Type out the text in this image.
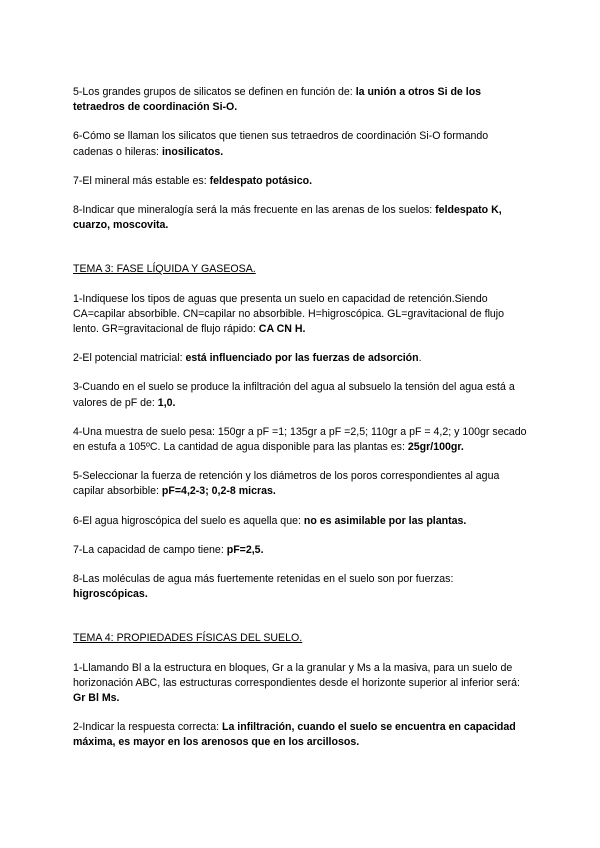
5-Los grandes grupos de silicatos se definen en función de: la unión a otros Si de los tetraedros de coordinación Si-O.

6-Cómo se llaman los silicatos que tienen sus tetraedros de coordinación Si-O formando cadenas o hileras: inosilicatos.

7-El mineral más estable es: feldespato potásico.

8-Indicar que mineralogía será la más frecuente en las arenas de los suelos: feldespato K, cuarzo, moscovita.

TEMA 3: FASE LÍQUIDA Y GASEOSA.

1-Indiquese los tipos de aguas que presenta un suelo en capacidad de retención.Siendo CA=capilar absorbible. CN=capilar no absorbible. H=higroscópica. GL=gravitacional de flujo lento. GR=gravitacional de flujo rápido: CA CN H.

2-El potencial matricial: está influenciado por las fuerzas de adsorción.

3-Cuando en el suelo se produce la infiltración del agua al subsuelo la tensión del agua está a valores de pF de: 1,0.

4-Una muestra de suelo pesa: 150gr a pF =1; 135gr a pF =2,5; 110gr a pF = 4,2; y 100gr secado en estufa a 105ºC. La cantidad de agua disponible para las plantas es: 25gr/100gr.

5-Seleccionar la fuerza de retención y los diámetros de los poros correspondientes al agua capilar absorbible: pF=4,2-3; 0,2-8 micras.

6-El agua higroscópica del suelo es aquella que: no es asimilable por las plantas.

7-La capacidad de campo tiene: pF=2,5.

8-Las moléculas de agua más fuertemente retenidas en el suelo son por fuerzas: higroscópicas.

TEMA 4: PROPIEDADES FÍSICAS DEL SUELO.

1-Llamando Bl a la estructura en bloques, Gr a la granular y Ms a la masiva, para un suelo de horizonación ABC, las estructuras correspondientes desde el horizonte superior al inferior será: Gr Bl Ms.

2-Indicar la respuesta correcta: La infiltración, cuando el suelo se encuentra en capacidad máxima, es mayor en los arenosos que en los arcillosos.
